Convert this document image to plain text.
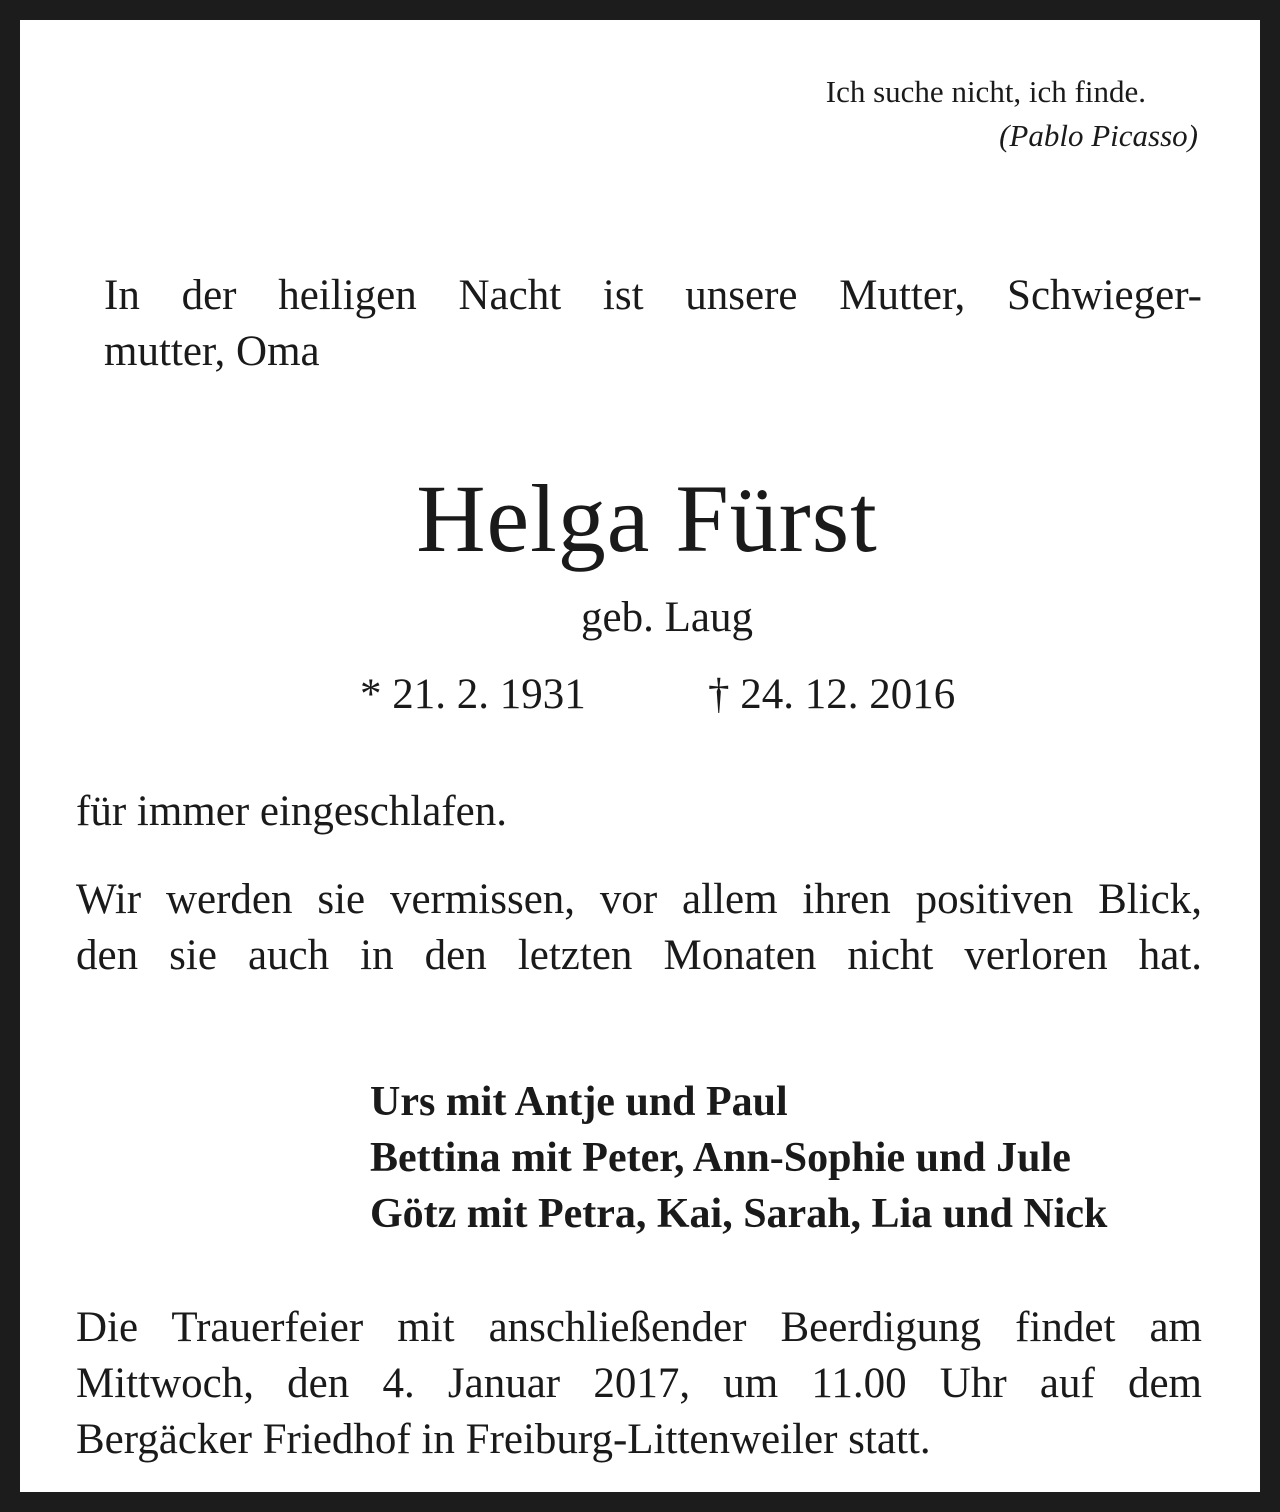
Ich suche nicht, ich finde.
(Pablo Picasso)
In der heiligen Nacht ist unsere Mutter, Schwieger-
mutter, Oma
Helga Fürst
geb. Laug
* 21. 2. 1931	† 24. 12. 2016
für immer eingeschlafen.
Wir werden sie vermissen, vor allem ihren positiven Blick,
den sie auch in den letzten Monaten nicht verloren hat.
Urs mit Antje und Paul
Bettina mit Peter, Ann-Sophie und Jule
Götz mit Petra, Kai, Sarah, Lia und Nick
Die Trauerfeier mit anschließender Beerdigung findet am
Mittwoch, den 4. Januar 2017, um 11.00 Uhr auf dem
Bergäcker Friedhof in Freiburg-Littenweiler statt.
